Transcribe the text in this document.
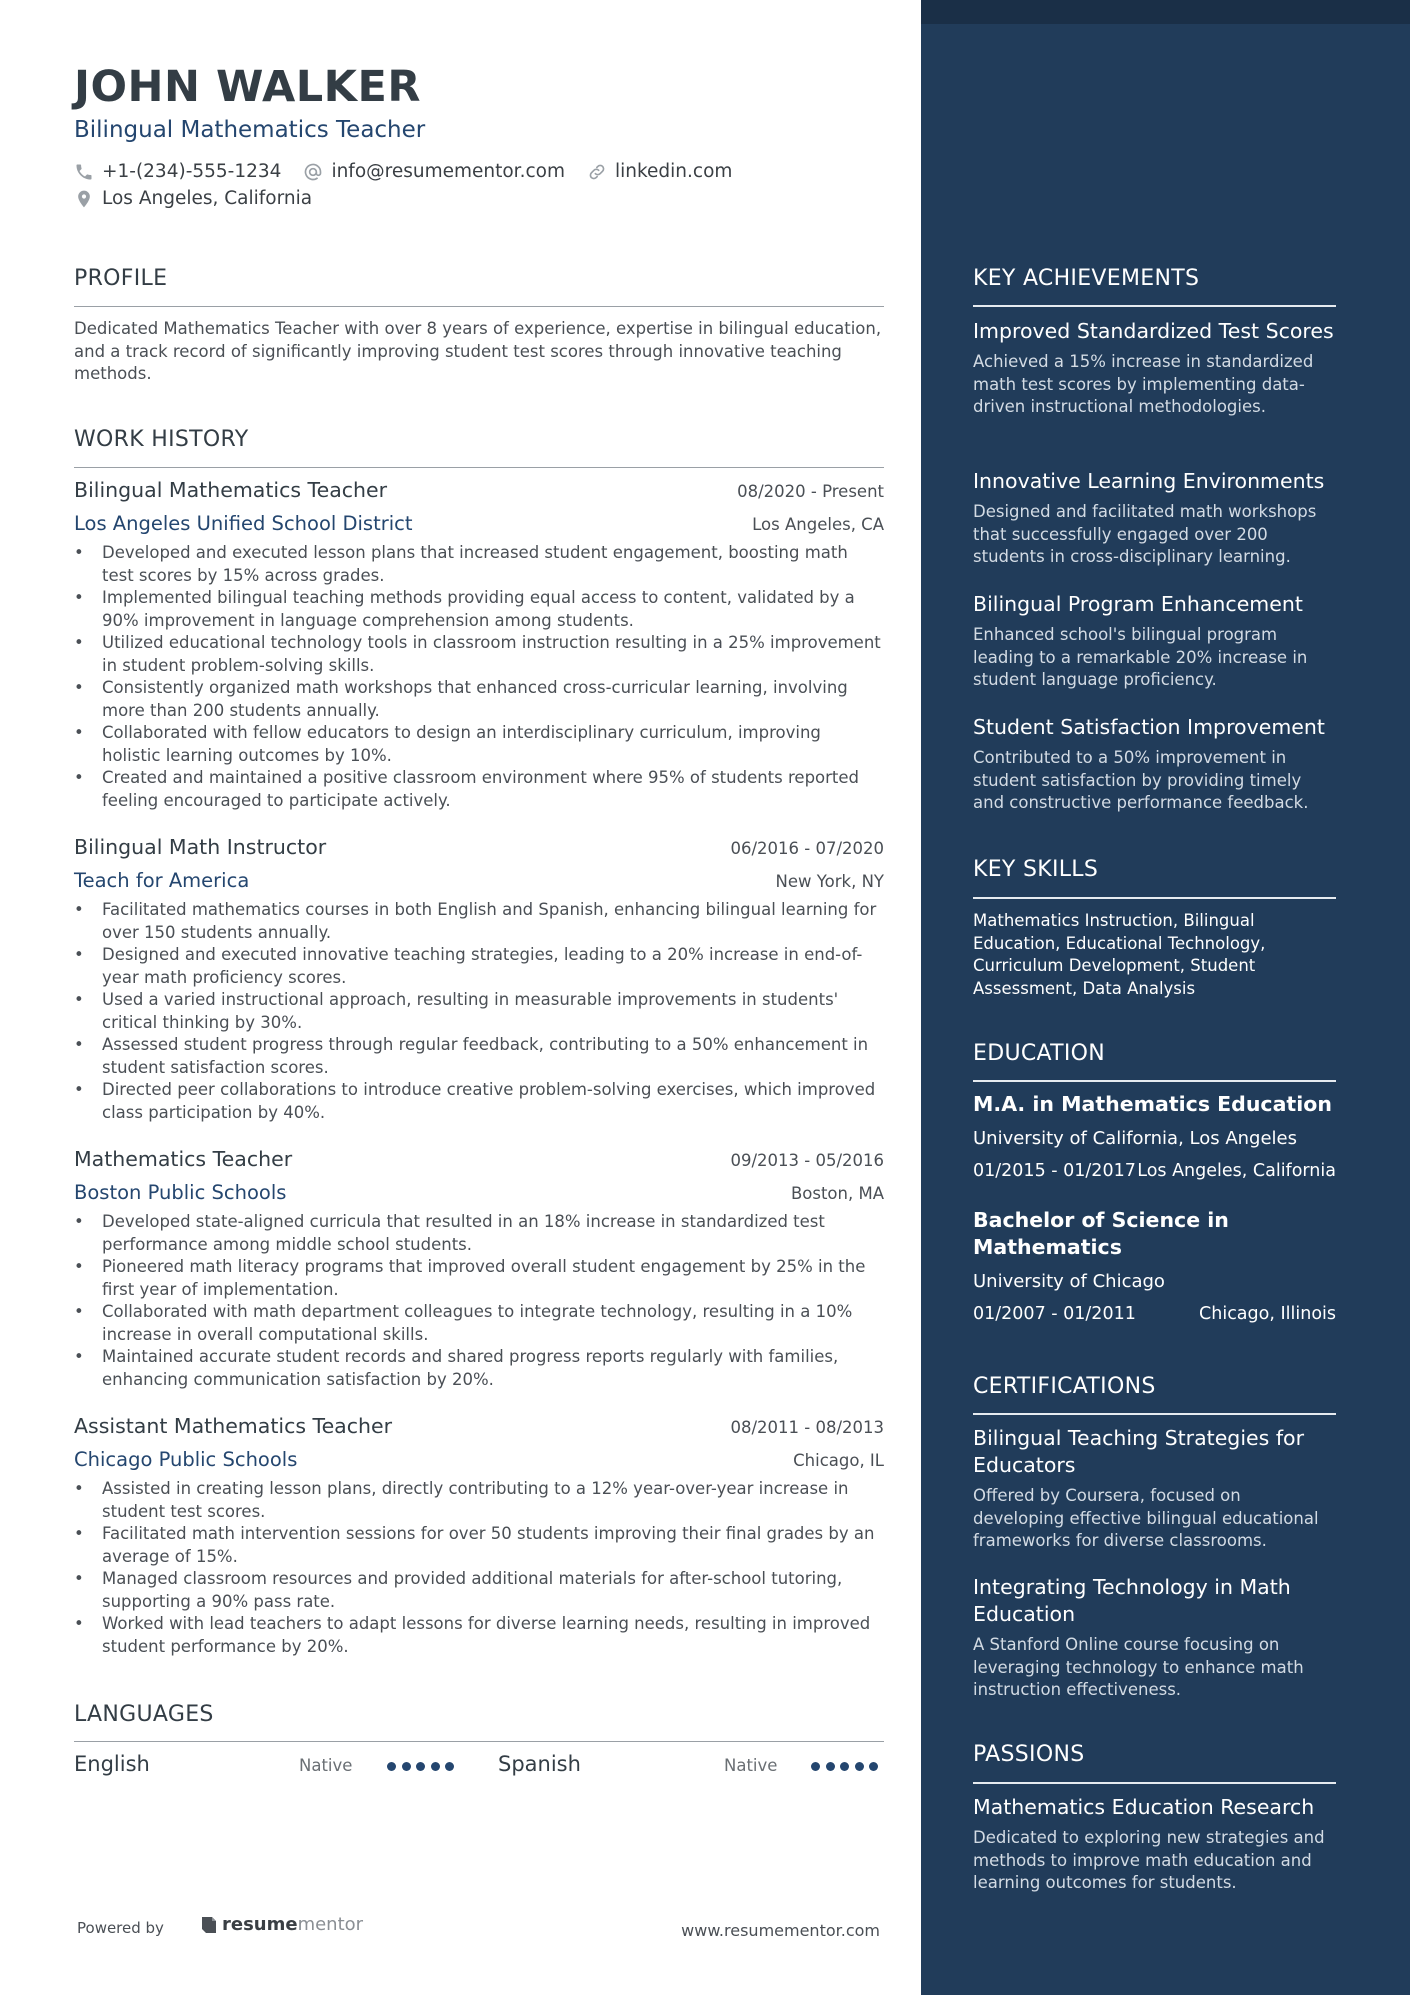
JOHN WALKER
Bilingual Mathematics Teacher
+1-(234)-555-1234	info@resumementor.com	linkedin.com
Los Angeles, California
PROFILE
Dedicated Mathematics Teacher with over 8 years of experience, expertise in bilingual education, and a track record of significantly improving student test scores through innovative teaching methods.
WORK HISTORY
Bilingual Mathematics Teacher	08/2020 - Present
Los Angeles Unified School District	Los Angeles, CA
• Developed and executed lesson plans that increased student engagement, boosting math test scores by 15% across grades.
• Implemented bilingual teaching methods providing equal access to content, validated by a 90% improvement in language comprehension among students.
• Utilized educational technology tools in classroom instruction resulting in a 25% improvement in student problem-solving skills.
• Consistently organized math workshops that enhanced cross-curricular learning, involving more than 200 students annually.
• Collaborated with fellow educators to design an interdisciplinary curriculum, improving holistic learning outcomes by 10%.
• Created and maintained a positive classroom environment where 95% of students reported feeling encouraged to participate actively.
Bilingual Math Instructor	06/2016 - 07/2020
Teach for America	New York, NY
• Facilitated mathematics courses in both English and Spanish, enhancing bilingual learning for over 150 students annually.
• Designed and executed innovative teaching strategies, leading to a 20% increase in end-of-year math proficiency scores.
• Used a varied instructional approach, resulting in measurable improvements in students' critical thinking by 30%.
• Assessed student progress through regular feedback, contributing to a 50% enhancement in student satisfaction scores.
• Directed peer collaborations to introduce creative problem-solving exercises, which improved class participation by 40%.
Mathematics Teacher	09/2013 - 05/2016
Boston Public Schools	Boston, MA
• Developed state-aligned curricula that resulted in an 18% increase in standardized test performance among middle school students.
• Pioneered math literacy programs that improved overall student engagement by 25% in the first year of implementation.
• Collaborated with math department colleagues to integrate technology, resulting in a 10% increase in overall computational skills.
• Maintained accurate student records and shared progress reports regularly with families, enhancing communication satisfaction by 20%.
Assistant Mathematics Teacher	08/2011 - 08/2013
Chicago Public Schools	Chicago, IL
• Assisted in creating lesson plans, directly contributing to a 12% year-over-year increase in student test scores.
• Facilitated math intervention sessions for over 50 students improving their final grades by an average of 15%.
• Managed classroom resources and provided additional materials for after-school tutoring, supporting a 90% pass rate.
• Worked with lead teachers to adapt lessons for diverse learning needs, resulting in improved student performance by 20%.
LANGUAGES
English	Native	Spanish	Native
Powered by	resume mentor	www.resumementor.com
KEY ACHIEVEMENTS
Improved Standardized Test Scores
Achieved a 15% increase in standardized math test scores by implementing data-driven instructional methodologies.
Innovative Learning Environments
Designed and facilitated math workshops that successfully engaged over 200 students in cross-disciplinary learning.
Bilingual Program Enhancement
Enhanced school's bilingual program leading to a remarkable 20% increase in student language proficiency.
Student Satisfaction Improvement
Contributed to a 50% improvement in student satisfaction by providing timely and constructive performance feedback.
KEY SKILLS
Mathematics Instruction, Bilingual Education, Educational Technology, Curriculum Development, Student Assessment, Data Analysis
EDUCATION
M.A. in Mathematics Education
University of California, Los Angeles
01/2015 - 01/2017 Los Angeles, California
Bachelor of Science in Mathematics
University of Chicago
01/2007 - 01/2011	Chicago, Illinois
CERTIFICATIONS
Bilingual Teaching Strategies for Educators
Offered by Coursera, focused on developing effective bilingual educational frameworks for diverse classrooms.
Integrating Technology in Math Education
A Stanford Online course focusing on leveraging technology to enhance math instruction effectiveness.
PASSIONS
Mathematics Education Research
Dedicated to exploring new strategies and methods to improve math education and learning outcomes for students.
